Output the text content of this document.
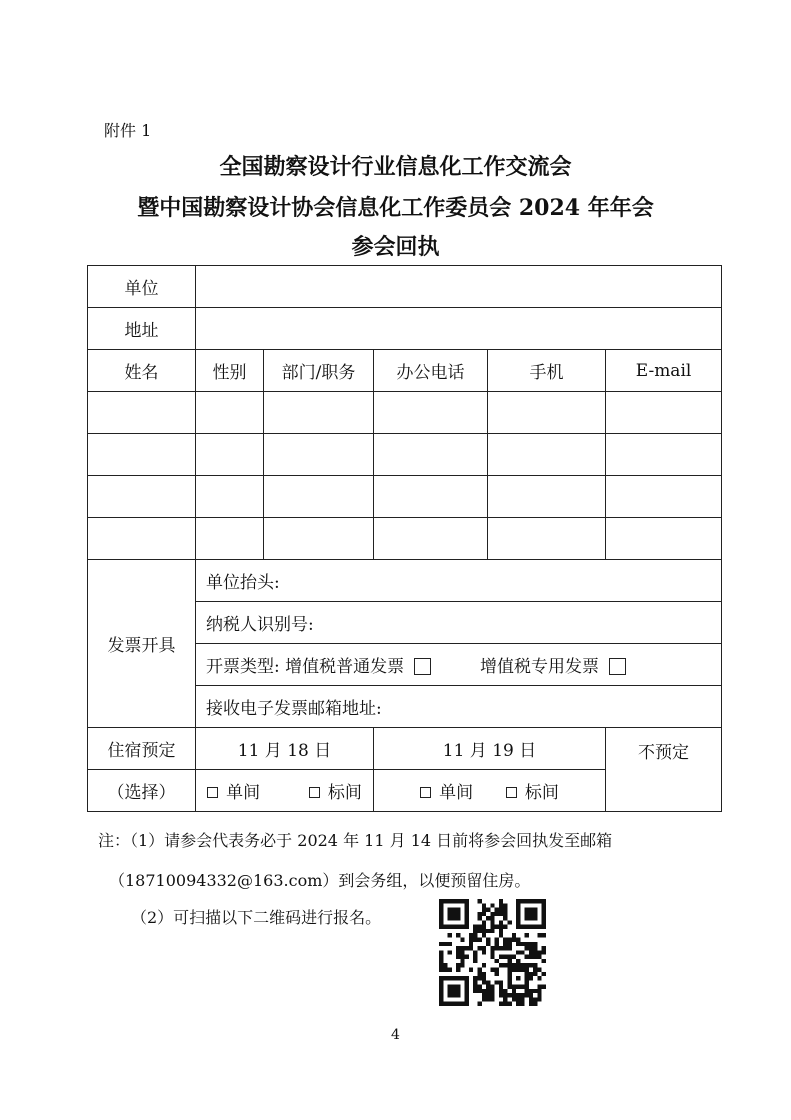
附件 1
全国勘察设计行业信息化工作交流会
暨中国勘察设计协会信息化工作委员会 2024 年年会
参会回执
单位					
地址					
姓名	性别	部门/职务	办公电话	手机	E-mail

发票开具	单位抬头:				
	纳税人识别号:				
	开票类型: 增值税普通发票 增值税专用发票				
	接收电子发票邮箱地址:				
住宿预定	11 月 18 日		11 月 19 日		不预定
（选择）	单间 标间		单间 标间		
注：（1）请参会代表务必于 2024 年 11 月 14 日前将参会回执发至邮箱
（18710094332@163.com）到会务组，以便预留住房。
（2）可扫描以下二维码进行报名。
4
